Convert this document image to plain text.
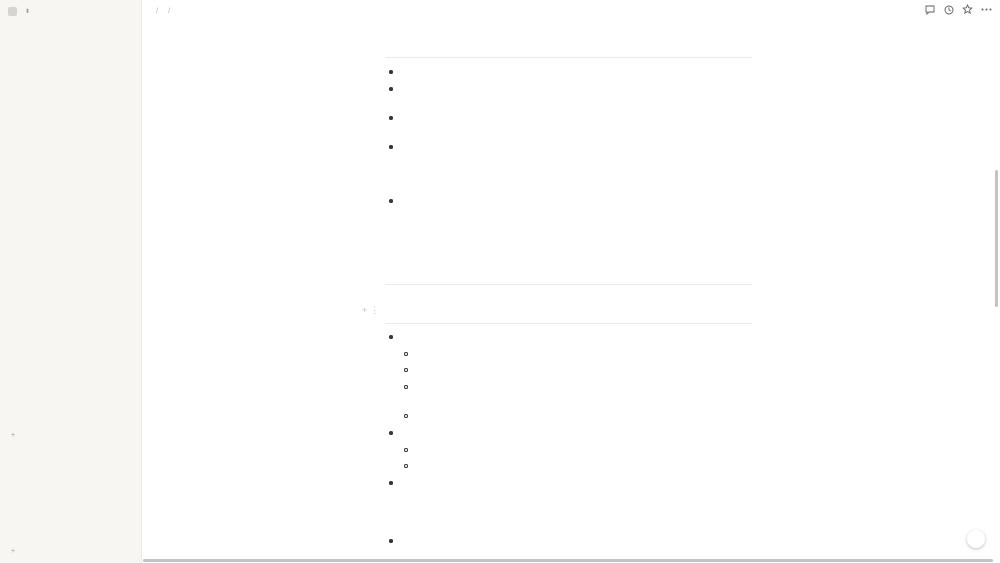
⬍
+
+
/ /
+ ⋮
